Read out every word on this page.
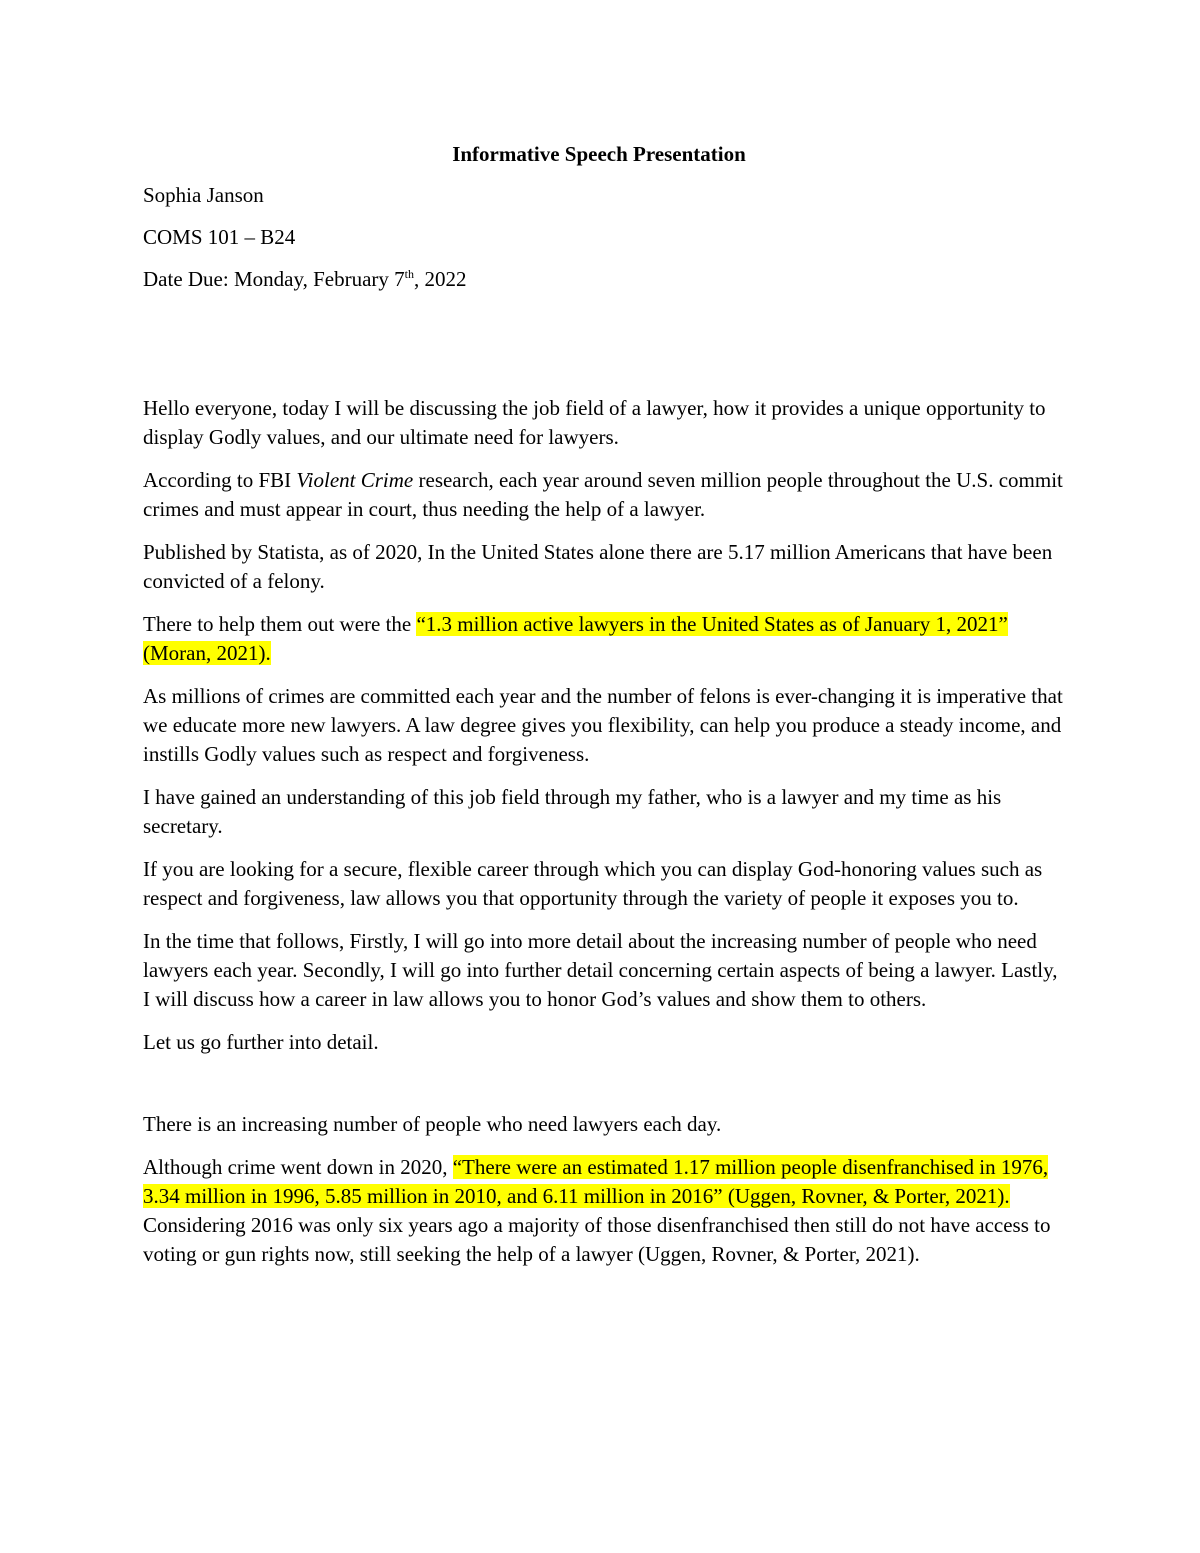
Informative Speech Presentation
Sophia Janson
COMS 101 – B24
Date Due: Monday, February 7th, 2022

Hello everyone, today I will be discussing the job field of a lawyer, how it provides a unique opportunity to display Godly values, and our ultimate need for lawyers.

According to FBI Violent Crime research, each year around seven million people throughout the U.S. commit crimes and must appear in court, thus needing the help of a lawyer.

Published by Statista, as of 2020, In the United States alone there are 5.17 million Americans that have been convicted of a felony.

There to help them out were the “1.3 million active lawyers in the United States as of January 1, 2021” (Moran, 2021).

As millions of crimes are committed each year and the number of felons is ever-changing it is imperative that we educate more new lawyers. A law degree gives you flexibility, can help you produce a steady income, and instills Godly values such as respect and forgiveness.

I have gained an understanding of this job field through my father, who is a lawyer and my time as his secretary.

If you are looking for a secure, flexible career through which you can display God-honoring values such as respect and forgiveness, law allows you that opportunity through the variety of people it exposes you to.

In the time that follows, Firstly, I will go into more detail about the increasing number of people who need lawyers each year. Secondly, I will go into further detail concerning certain aspects of being a lawyer. Lastly, I will discuss how a career in law allows you to honor God’s values and show them to others.

Let us go further into detail.

There is an increasing number of people who need lawyers each day.

Although crime went down in 2020, “There were an estimated 1.17 million people disenfranchised in 1976, 3.34 million in 1996, 5.85 million in 2010, and 6.11 million in 2016” (Uggen, Rovner, & Porter, 2021). Considering 2016 was only six years ago a majority of those disenfranchised then still do not have access to voting or gun rights now, still seeking the help of a lawyer (Uggen, Rovner, & Porter, 2021).
